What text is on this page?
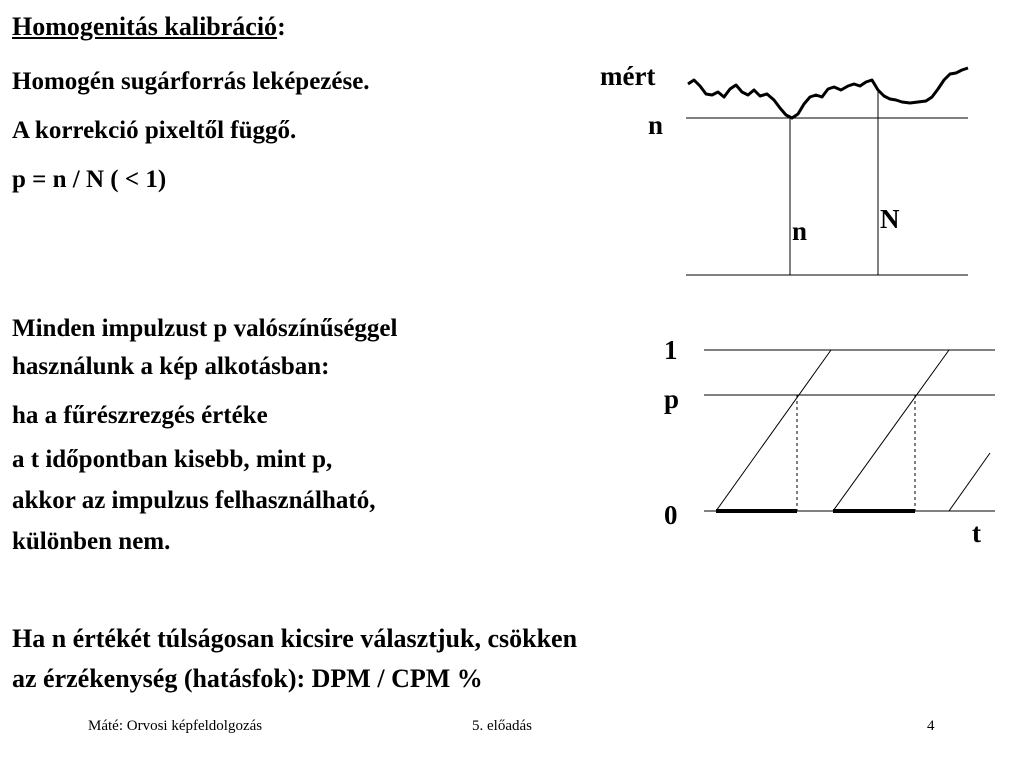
Homogenitás kalibráció:
Homogén sugárforrás leképezése.
A korrekció pixeltől függő.
p = n / N ( < 1)
Minden impulzust p valószínűséggel
használunk a kép alkotásban:
ha a fűrészrezgés értéke
a t időpontban kisebb, mint p,
akkor az impulzus felhasználható,
különben nem.
Ha n értékét túlságosan kicsire választjuk, csökken
az érzékenység (hatásfok): DPM / CPM %
mért
n
n	N
1
p
0
t
Máté: Orvosi képfeldolgozás	5. előadás	4
